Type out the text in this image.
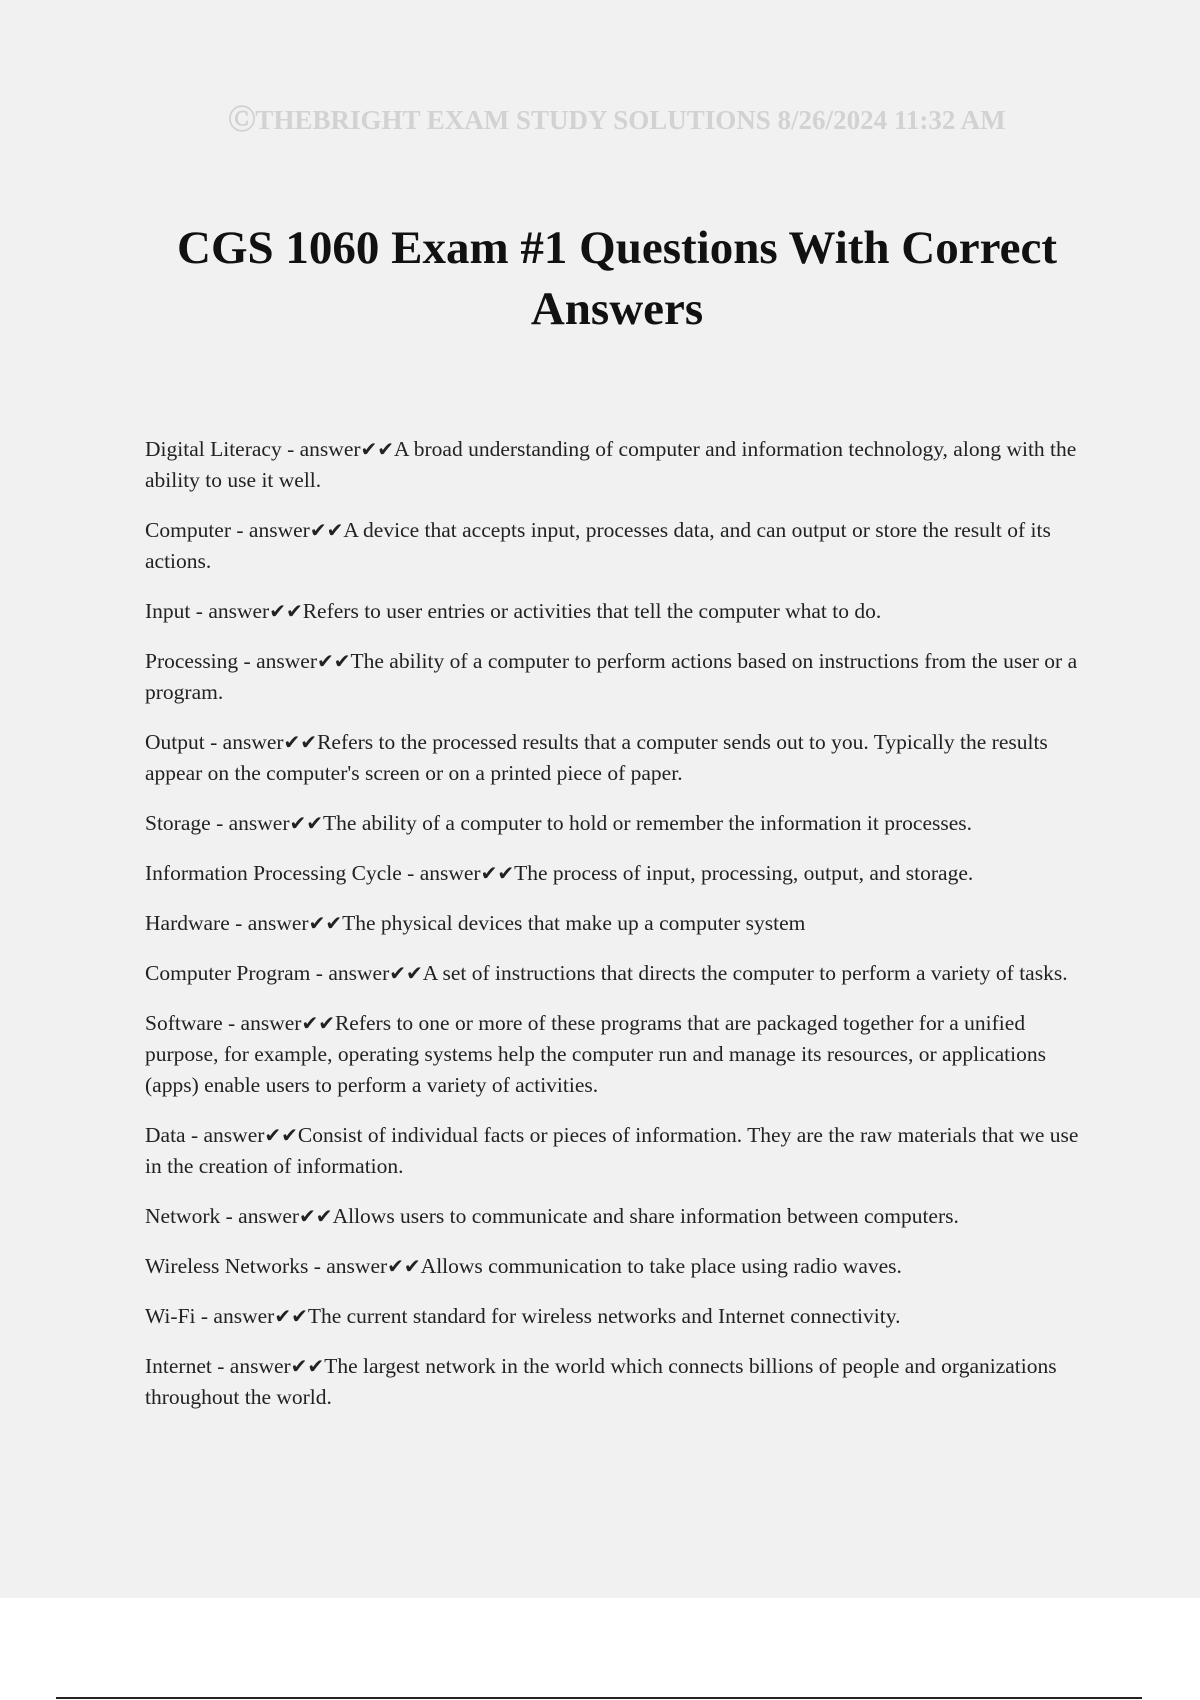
ⒸTHEBRIGHT EXAM STUDY SOLUTIONS 8/26/2024 11:32 AM
CGS 1060 Exam #1 Questions With Correct Answers

Digital Literacy - answer✔✔A broad understanding of computer and information technology, along with the ability to use it well.

Computer - answer✔✔A device that accepts input, processes data, and can output or store the result of its actions.

Input - answer✔✔Refers to user entries or activities that tell the computer what to do.

Processing - answer✔✔The ability of a computer to perform actions based on instructions from the user or a program.

Output - answer✔✔Refers to the processed results that a computer sends out to you. Typically the results appear on the computer's screen or on a printed piece of paper.

Storage - answer✔✔The ability of a computer to hold or remember the information it processes.

Information Processing Cycle - answer✔✔The process of input, processing, output, and storage.

Hardware - answer✔✔The physical devices that make up a computer system

Computer Program - answer✔✔A set of instructions that directs the computer to perform a variety of tasks.

Software - answer✔✔Refers to one or more of these programs that are packaged together for a unified purpose, for example, operating systems help the computer run and manage its resources, or applications (apps) enable users to perform a variety of activities.

Data - answer✔✔Consist of individual facts or pieces of information. They are the raw materials that we use in the creation of information.

Network - answer✔✔Allows users to communicate and share information between computers.

Wireless Networks - answer✔✔Allows communication to take place using radio waves.

Wi-Fi - answer✔✔The current standard for wireless networks and Internet connectivity.

Internet - answer✔✔The largest network in the world which connects billions of people and organizations throughout the world.
